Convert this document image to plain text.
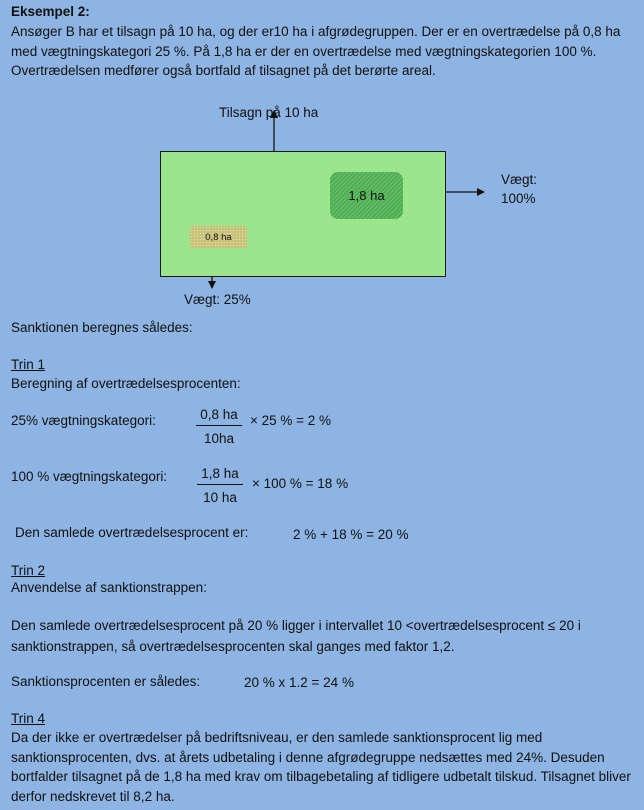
Eksempel 2:
Ansøger B har et tilsagn på 10 ha, og der er10 ha i afgrødegruppen. Der er en overtrædelse på 0,8 ha med vægtningskategori 25 %. På 1,8 ha er der en overtrædelse med vægtningskategorien 100 %. Overtrædelsen medfører også bortfald af tilsagnet på det berørte areal.
Tilsagn på 10 ha
1,8 ha
0,8 ha
Vægt:
100%
Vægt: 25%
Sanktionen beregnes således:
Trin 1
Beregning af overtrædelsesprocenten:
25% vægtningskategori:	$\frac{0,8 ha}{10ha} \times 25$ % = 2 %
100 % vægtningskategori: $\frac{1,8 ha}{10 ha} \times 100$ % = 18 %
Den samlede overtrædelsesprocent er:	2 % + 18 % = 20 %
Trin 2
Anvendelse af sanktionstrappen:
Den samlede overtrædelsesprocent på 20 % ligger i intervallet 10 <overtrædelsesprocent ≤ 20 i sanktionstrappen, så overtrædelsesprocenten skal ganges med faktor 1,2.
Sanktionsprocenten er således:	20 % x 1.2 = 24 %
Trin 4
Da der ikke er overtrædelser på bedriftsniveau, er den samlede sanktionsprocent lig med sanktionsprocenten, dvs. at årets udbetaling i denne afgrødegruppe nedsættes med 24%. Desuden bortfalder tilsagnet på de 1,8 ha med krav om tilbagebetaling af tidligere udbetalt tilskud. Tilsagnet bliver derfor nedskrevet til 8,2 ha.
